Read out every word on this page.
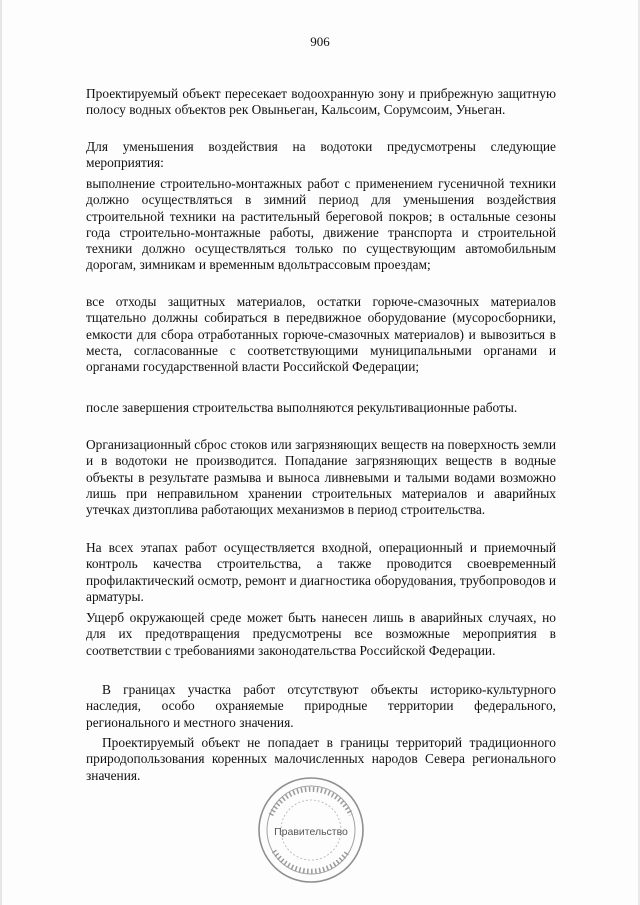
906

Проектируемый объект пересекает водоохранную зону и прибрежную защитную полосу водных объектов рек Овыньеган, Кальсоим, Сорумсоим, Уньеган.

Для уменьшения воздействия на водотоки предусмотрены следующие мероприятия:

выполнение строительно-монтажных работ с применением гусеничной техники должно осуществляться в зимний период для уменьшения воздействия строительной техники на растительный береговой покров; в остальные сезоны года строительно-монтажные работы, движение транспорта и строительной техники должно осуществляться только по существующим автомобильным дорогам, зимникам и временным вдольтрассовым проездам;

все отходы защитных материалов, остатки горюче-смазочных материалов тщательно должны собираться в передвижное оборудование (мусоросборники, емкости для сбора отработанных горюче-смазочных материалов) и вывозиться в места, согласованные с соответствующими муниципальными органами и органами государственной власти Российской Федерации;

после завершения строительства выполняются рекультивационные работы.

Организационный сброс стоков или загрязняющих веществ на поверхность земли и в водотоки не производится. Попадание загрязняющих веществ в водные объекты в результате размыва и выноса ливневыми и талыми водами возможно лишь при неправильном хранении строительных материалов и аварийных утечках дизтоплива работающих механизмов в период строительства.

На всех этапах работ осуществляется входной, операционный и приемочный контроль качества строительства, а также проводится своевременный профилактический осмотр, ремонт и диагностика оборудования, трубопроводов и арматуры.

Ущерб окружающей среде может быть нанесен лишь в аварийных случаях, но для их предотвращения предусмотрены все возможные мероприятия в соответствии с требованиями законодательства Российской Федерации.

В границах участка работ отсутствуют объекты историко-культурного наследия, особо охраняемые природные территории федерального, регионального и местного значения.

Проектируемый объект не попадает в границы территорий традиционного природопользования коренных малочисленных народов Севера регионального значения.

Правительство
